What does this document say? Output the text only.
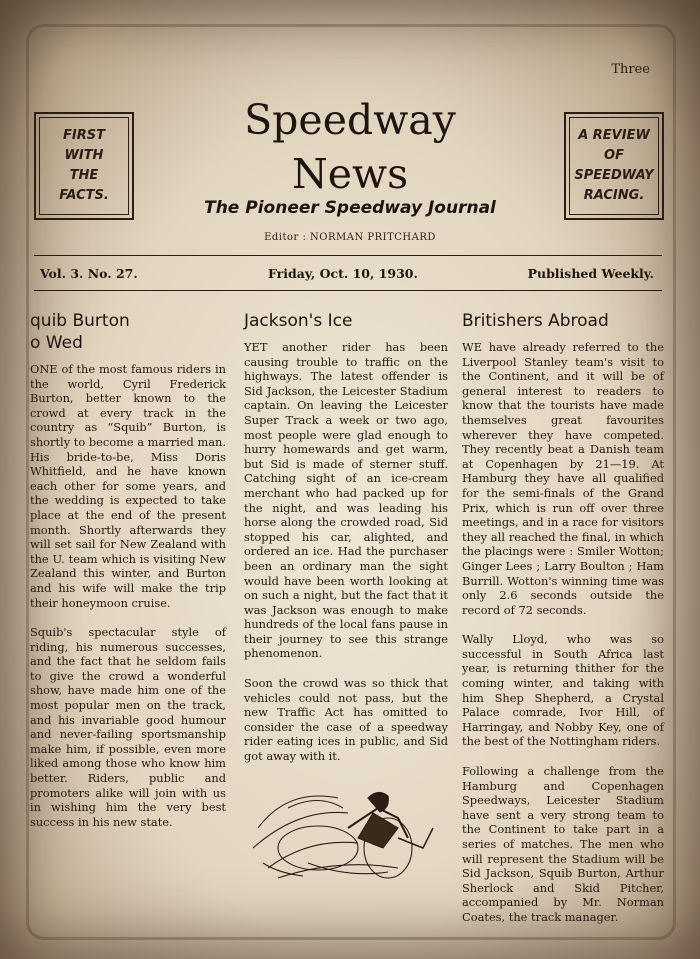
Three
FIRST
WITH
THE
FACTS.
A REVIEW
OF
SPEEDWAY
RACING.
Speedway
News
The Pioneer Speedway Journal
Editor : NORMAN PRITCHARD
Vol. 3. No. 27.	Friday, Oct. 10, 1930.	Published Weekly.
quib Burton
o Wed

ONE of the most famous riders in the world, Cyril Frederick Burton, better known to the crowd at every track in the country as “Squib” Burton, is shortly to become a married man. His bride-to-be, Miss Doris Whitfield, and he have known each other for some years, and the wedding is expected to take place at the end of the present month. Shortly afterwards they will set sail for New Zealand with the U. team which is visiting New Zealand this winter, and Burton and his wife will make the trip their honeymoon cruise.

Squib's spectacular style of riding, his numerous successes, and the fact that he seldom fails to give the crowd a wonderful show, have made him one of the most popular men on the track, and his invariable good humour and never-failing sportsmanship make him, if possible, even more liked among those who know him better. Riders, public and promoters alike will join with us in wishing him the very best success in his new state.

Jackson's Ice

YET another rider has been causing trouble to traffic on the highways. The latest offender is Sid Jackson, the Leicester Stadium captain. On leaving the Leicester Super Track a week or two ago, most people were glad enough to hurry homewards and get warm, but Sid is made of sterner stuff. Catching sight of an ice-cream merchant who had packed up for the night, and was leading his horse along the crowded road, Sid stopped his car, alighted, and ordered an ice. Had the purchaser been an ordinary man the sight would have been worth looking at on such a night, but the fact that it was Jackson was enough to make hundreds of the local fans pause in their journey to see this strange phenomenon.

Soon the crowd was so thick that vehicles could not pass, but the new Traffic Act has omitted to consider the case of a speedway rider eating ices in public, and Sid got away with it.

Britishers Abroad

WE have already referred to the Liverpool Stanley team's visit to the Continent, and it will be of general interest to readers to know that the tourists have made themselves great favourites wherever they have competed. They recently beat a Danish team at Copenhagen by 21—19. At Hamburg they have all qualified for the semi-finals of the Grand Prix, which is run off over three meetings, and in a race for visitors they all reached the final, in which the placings were : Smiler Wotton; Ginger Lees ; Larry Boulton ; Ham Burrill. Wotton's winning time was only 2.6 seconds outside the record of 72 seconds.

Wally Lloyd, who was so successful in South Africa last year, is returning thither for the coming winter, and taking with him Shep Shepherd, a Crystal Palace comrade, Ivor Hill, of Harringay, and Nobby Key, one of the best of the Nottingham riders.

Following a challenge from the Hamburg and Copenhagen Speedways, Leicester Stadium have sent a very strong team to the Continent to take part in a series of matches. The men who will represent the Stadium will be Sid Jackson, Squib Burton, Arthur Sherlock and Skid Pitcher, accompanied by Mr. Norman Coates, the track manager.
